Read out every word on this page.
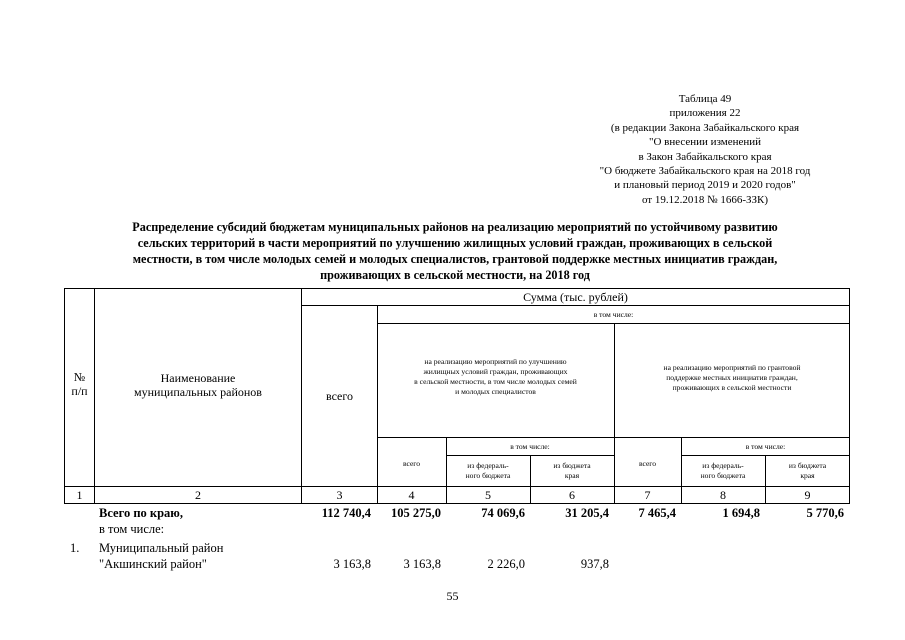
Таблица 49
приложения 22
(в редакции Закона Забайкальского края
"О внесении изменений
в Закон Забайкальского края
"О бюджете Забайкальского края на 2018 год
и плановый период 2019 и 2020 годов"
от 19.12.2018 № 1666-ЗЗК)
Распределение субсидий бюджетам муниципальных районов на реализацию мероприятий по устойчивому развитию
сельских территорий в части мероприятий по улучшению жилищных условий граждан, проживающих в сельской
местности, в том числе молодых семей и молодых специалистов, грантовой поддержке местных инициатив граждан,
проживающих в сельской местности, на 2018 год
№
п/п
Наименование
муниципальных районов
Сумма (тыс. рублей)
всего
в том числе:
на реализацию мероприятий по улучшению
жилищных условий граждан, проживающих
в сельской местности, в том числе молодых семей
и молодых специалистов
на реализацию мероприятий по грантовой
поддержке местных инициатив граждан,
проживающих в сельской местности
всего
в том числе:
из федераль-
ного бюджета
из бюджета
края
всего
в том числе:
из федераль-
ного бюджета
из бюджета
края
1	2	3	4	5	6	7	8	9
Всего по краю,	112 740,4	105 275,0	74 069,6	31 205,4	7 465,4	1 694,8	5 770,6
в том числе:
1. Муниципальный район
"Акшинский район"	3 163,8	3 163,8	2 226,0	937,8
55
